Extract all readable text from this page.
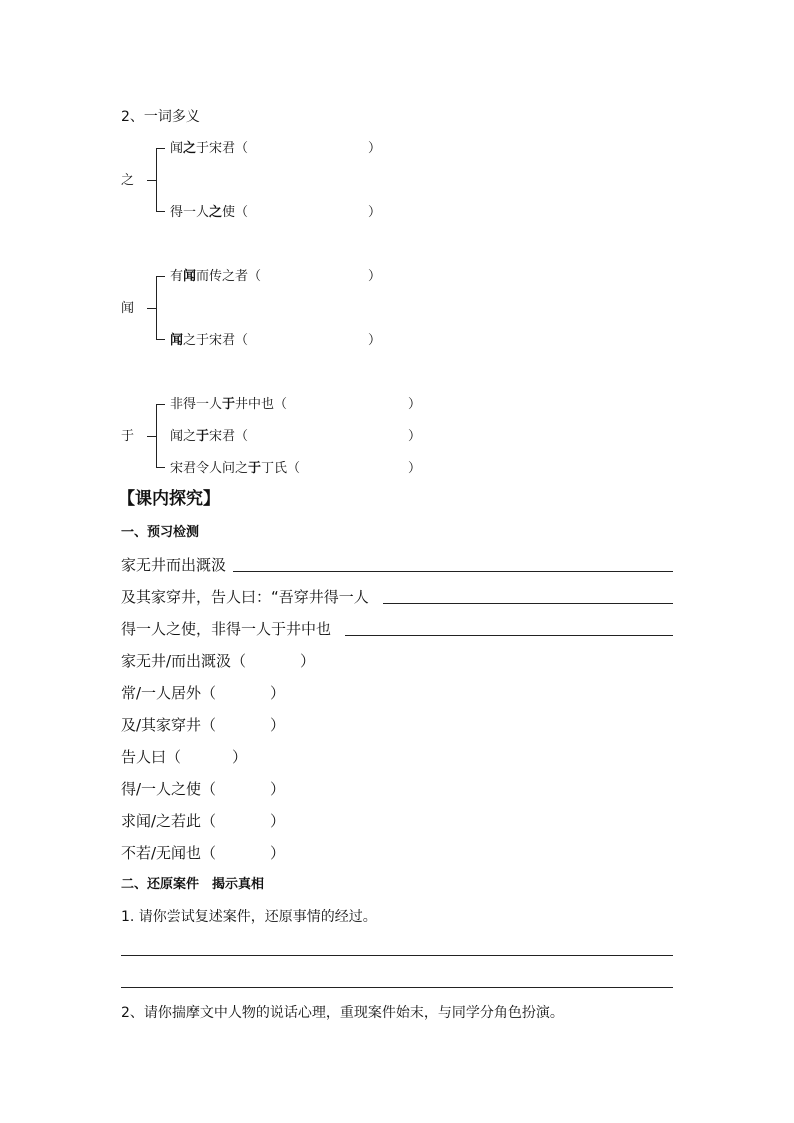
2、一词多义
之
闻之于宋君（	）
得一人之使（	）
闻
有闻而传之者（	）
闻之于宋君（	）
于
非得一人于井中也（	）
闻之于宋君（	）
宋君令人问之于丁氏（	）
【课内探究】
一、预习检测
家无井而出溉汲
及其家穿井，告人曰：“吾穿井得一人
得一人之使，非得一人于井中也
家无井/而出溉汲（	）
常/一人居外（	）
及/其家穿井（	）
告人曰（	）
得/一人之使（	）
求闻/之若此（	）
不若/无闻也（	）
二、还原案件　揭示真相
1. 请你尝试复述案件，还原事情的经过。
2、请你揣摩文中人物的说话心理，重现案件始末，与同学分角色扮演。
